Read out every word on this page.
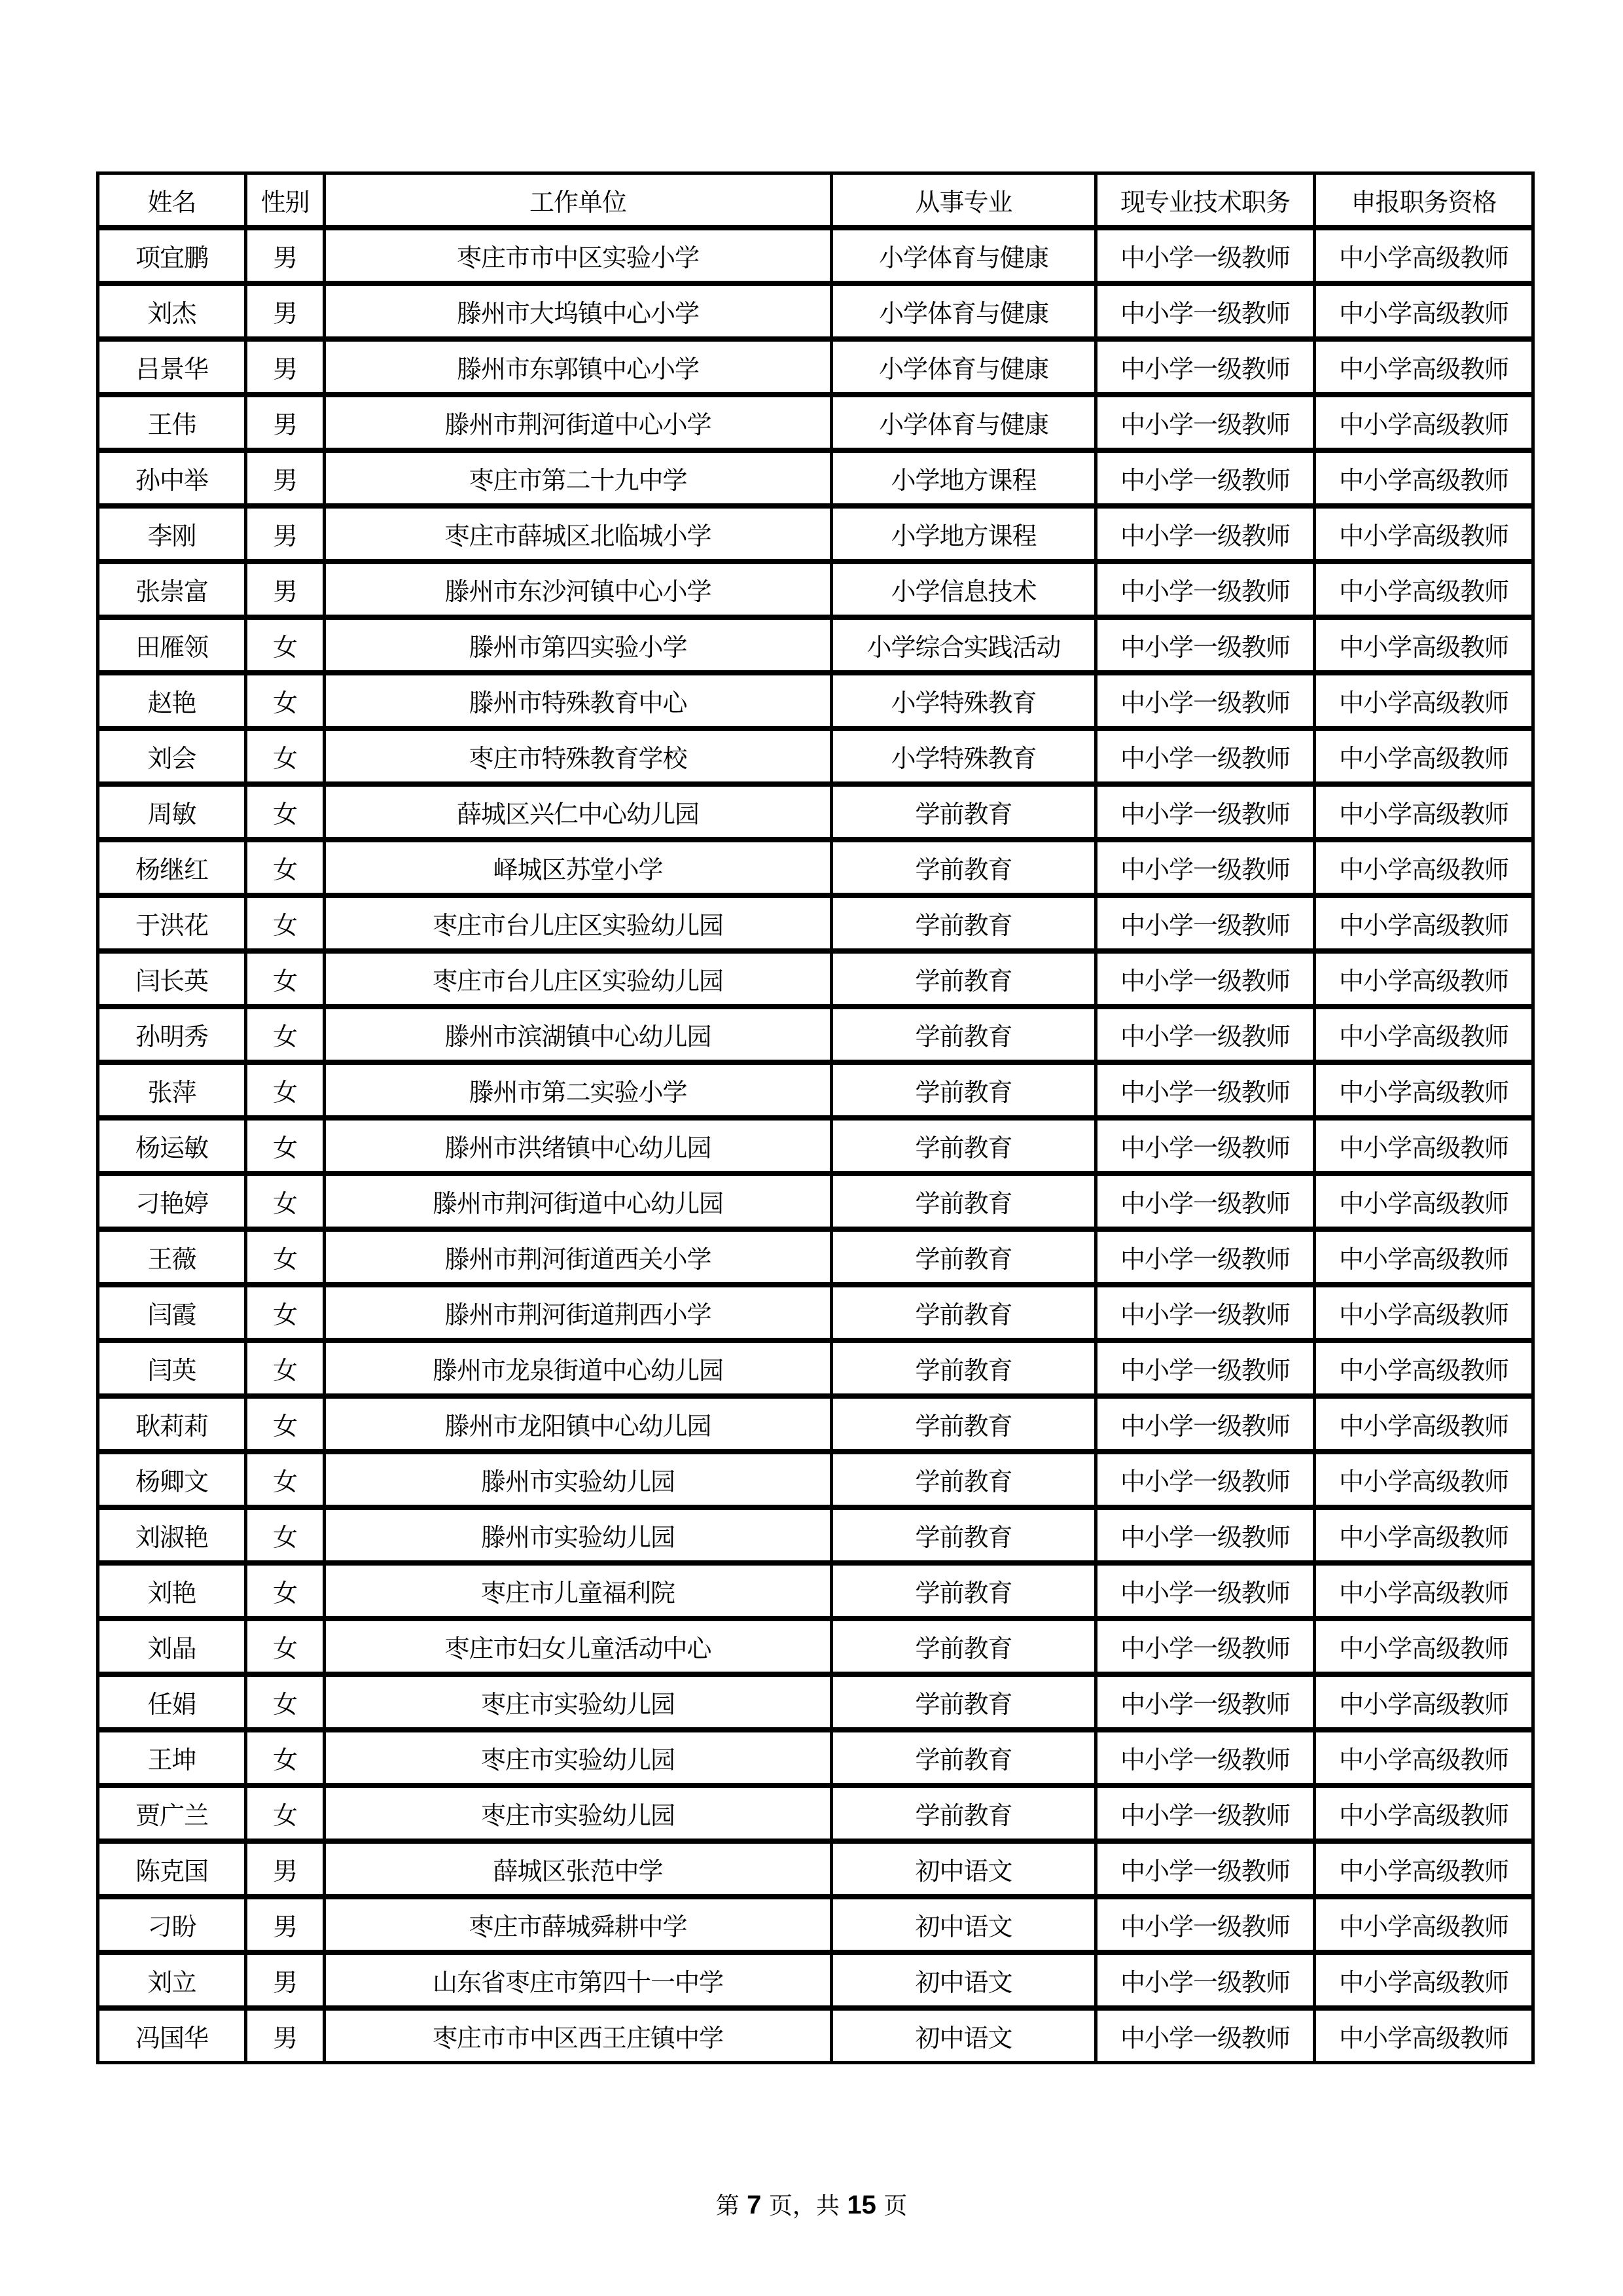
姓名	性别	工作单位	从事专业	现专业技术职务	申报职务资格
项宜鹏	男	枣庄市市中区实验小学	小学体育与健康	中小学一级教师	中小学高级教师
刘杰	男	滕州市大坞镇中心小学	小学体育与健康	中小学一级教师	中小学高级教师
吕景华	男	滕州市东郭镇中心小学	小学体育与健康	中小学一级教师	中小学高级教师
王伟	男	滕州市荆河街道中心小学	小学体育与健康	中小学一级教师	中小学高级教师
孙中举	男	枣庄市第二十九中学	小学地方课程	中小学一级教师	中小学高级教师
李刚	男	枣庄市薛城区北临城小学	小学地方课程	中小学一级教师	中小学高级教师
张崇富	男	滕州市东沙河镇中心小学	小学信息技术	中小学一级教师	中小学高级教师
田雁领	女	滕州市第四实验小学	小学综合实践活动	中小学一级教师	中小学高级教师
赵艳	女	滕州市特殊教育中心	小学特殊教育	中小学一级教师	中小学高级教师
刘会	女	枣庄市特殊教育学校	小学特殊教育	中小学一级教师	中小学高级教师
周敏	女	薛城区兴仁中心幼儿园	学前教育	中小学一级教师	中小学高级教师
杨继红	女	峄城区苏堂小学	学前教育	中小学一级教师	中小学高级教师
于洪花	女	枣庄市台儿庄区实验幼儿园	学前教育	中小学一级教师	中小学高级教师
闫长英	女	枣庄市台儿庄区实验幼儿园	学前教育	中小学一级教师	中小学高级教师
孙明秀	女	滕州市滨湖镇中心幼儿园	学前教育	中小学一级教师	中小学高级教师
张萍	女	滕州市第二实验小学	学前教育	中小学一级教师	中小学高级教师
杨运敏	女	滕州市洪绪镇中心幼儿园	学前教育	中小学一级教师	中小学高级教师
刁艳婷	女	滕州市荆河街道中心幼儿园	学前教育	中小学一级教师	中小学高级教师
王薇	女	滕州市荆河街道西关小学	学前教育	中小学一级教师	中小学高级教师
闫霞	女	滕州市荆河街道荆西小学	学前教育	中小学一级教师	中小学高级教师
闫英	女	滕州市龙泉街道中心幼儿园	学前教育	中小学一级教师	中小学高级教师
耿莉莉	女	滕州市龙阳镇中心幼儿园	学前教育	中小学一级教师	中小学高级教师
杨卿文	女	滕州市实验幼儿园	学前教育	中小学一级教师	中小学高级教师
刘淑艳	女	滕州市实验幼儿园	学前教育	中小学一级教师	中小学高级教师
刘艳	女	枣庄市儿童福利院	学前教育	中小学一级教师	中小学高级教师
刘晶	女	枣庄市妇女儿童活动中心	学前教育	中小学一级教师	中小学高级教师
任娟	女	枣庄市实验幼儿园	学前教育	中小学一级教师	中小学高级教师
王坤	女	枣庄市实验幼儿园	学前教育	中小学一级教师	中小学高级教师
贾广兰	女	枣庄市实验幼儿园	学前教育	中小学一级教师	中小学高级教师
陈克国	男	薛城区张范中学	初中语文	中小学一级教师	中小学高级教师
刁盼	男	枣庄市薛城舜耕中学	初中语文	中小学一级教师	中小学高级教师
刘立	男	山东省枣庄市第四十一中学	初中语文	中小学一级教师	中小学高级教师
冯国华	男	枣庄市市中区西王庄镇中学	初中语文	中小学一级教师	中小学高级教师
第 7 页，共 15 页
